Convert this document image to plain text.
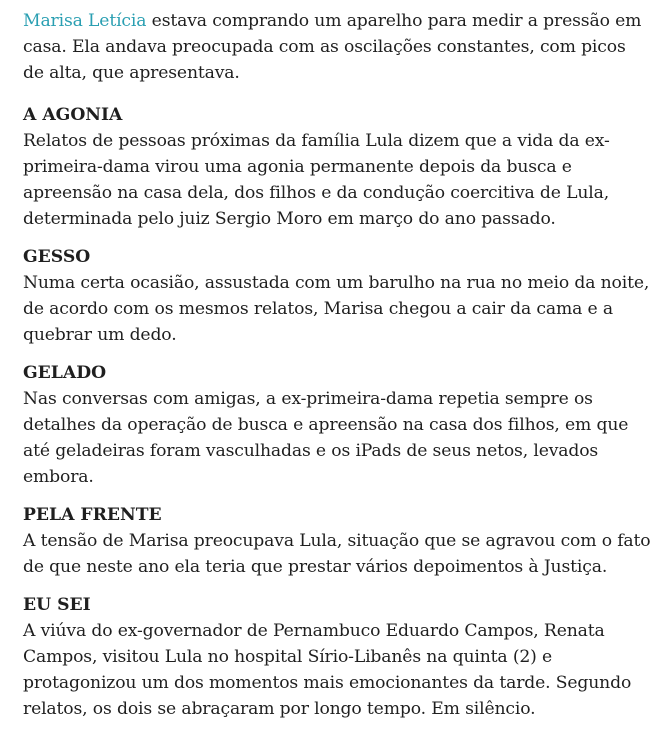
Marisa Letícia estava comprando um aparelho para medir a pressão em casa. Ela andava preocupada com as oscilações constantes, com picos de alta, que apresentava.

A AGONIA

Relatos de pessoas próximas da família Lula dizem que a vida da ex-primeira-dama virou uma agonia permanente depois da busca e apreensão na casa dela, dos filhos e da condução coercitiva de Lula, determinada pelo juiz Sergio Moro em março do ano passado.

GESSO

Numa certa ocasião, assustada com um barulho na rua no meio da noite, de acordo com os mesmos relatos, Marisa chegou a cair da cama e a quebrar um dedo.

GELADO

Nas conversas com amigas, a ex-primeira-dama repetia sempre os detalhes da operação de busca e apreensão na casa dos filhos, em que até geladeiras foram vasculhadas e os iPads de seus netos, levados embora.

PELA FRENTE

A tensão de Marisa preocupava Lula, situação que se agravou com o fato de que neste ano ela teria que prestar vários depoimentos à Justiça.

EU SEI

A viúva do ex-governador de Pernambuco Eduardo Campos, Renata Campos, visitou Lula no hospital Sírio-Libanês na quinta (2) e protagonizou um dos momentos mais emocionantes da tarde. Segundo relatos, os dois se abraçaram por longo tempo. Em silêncio.
